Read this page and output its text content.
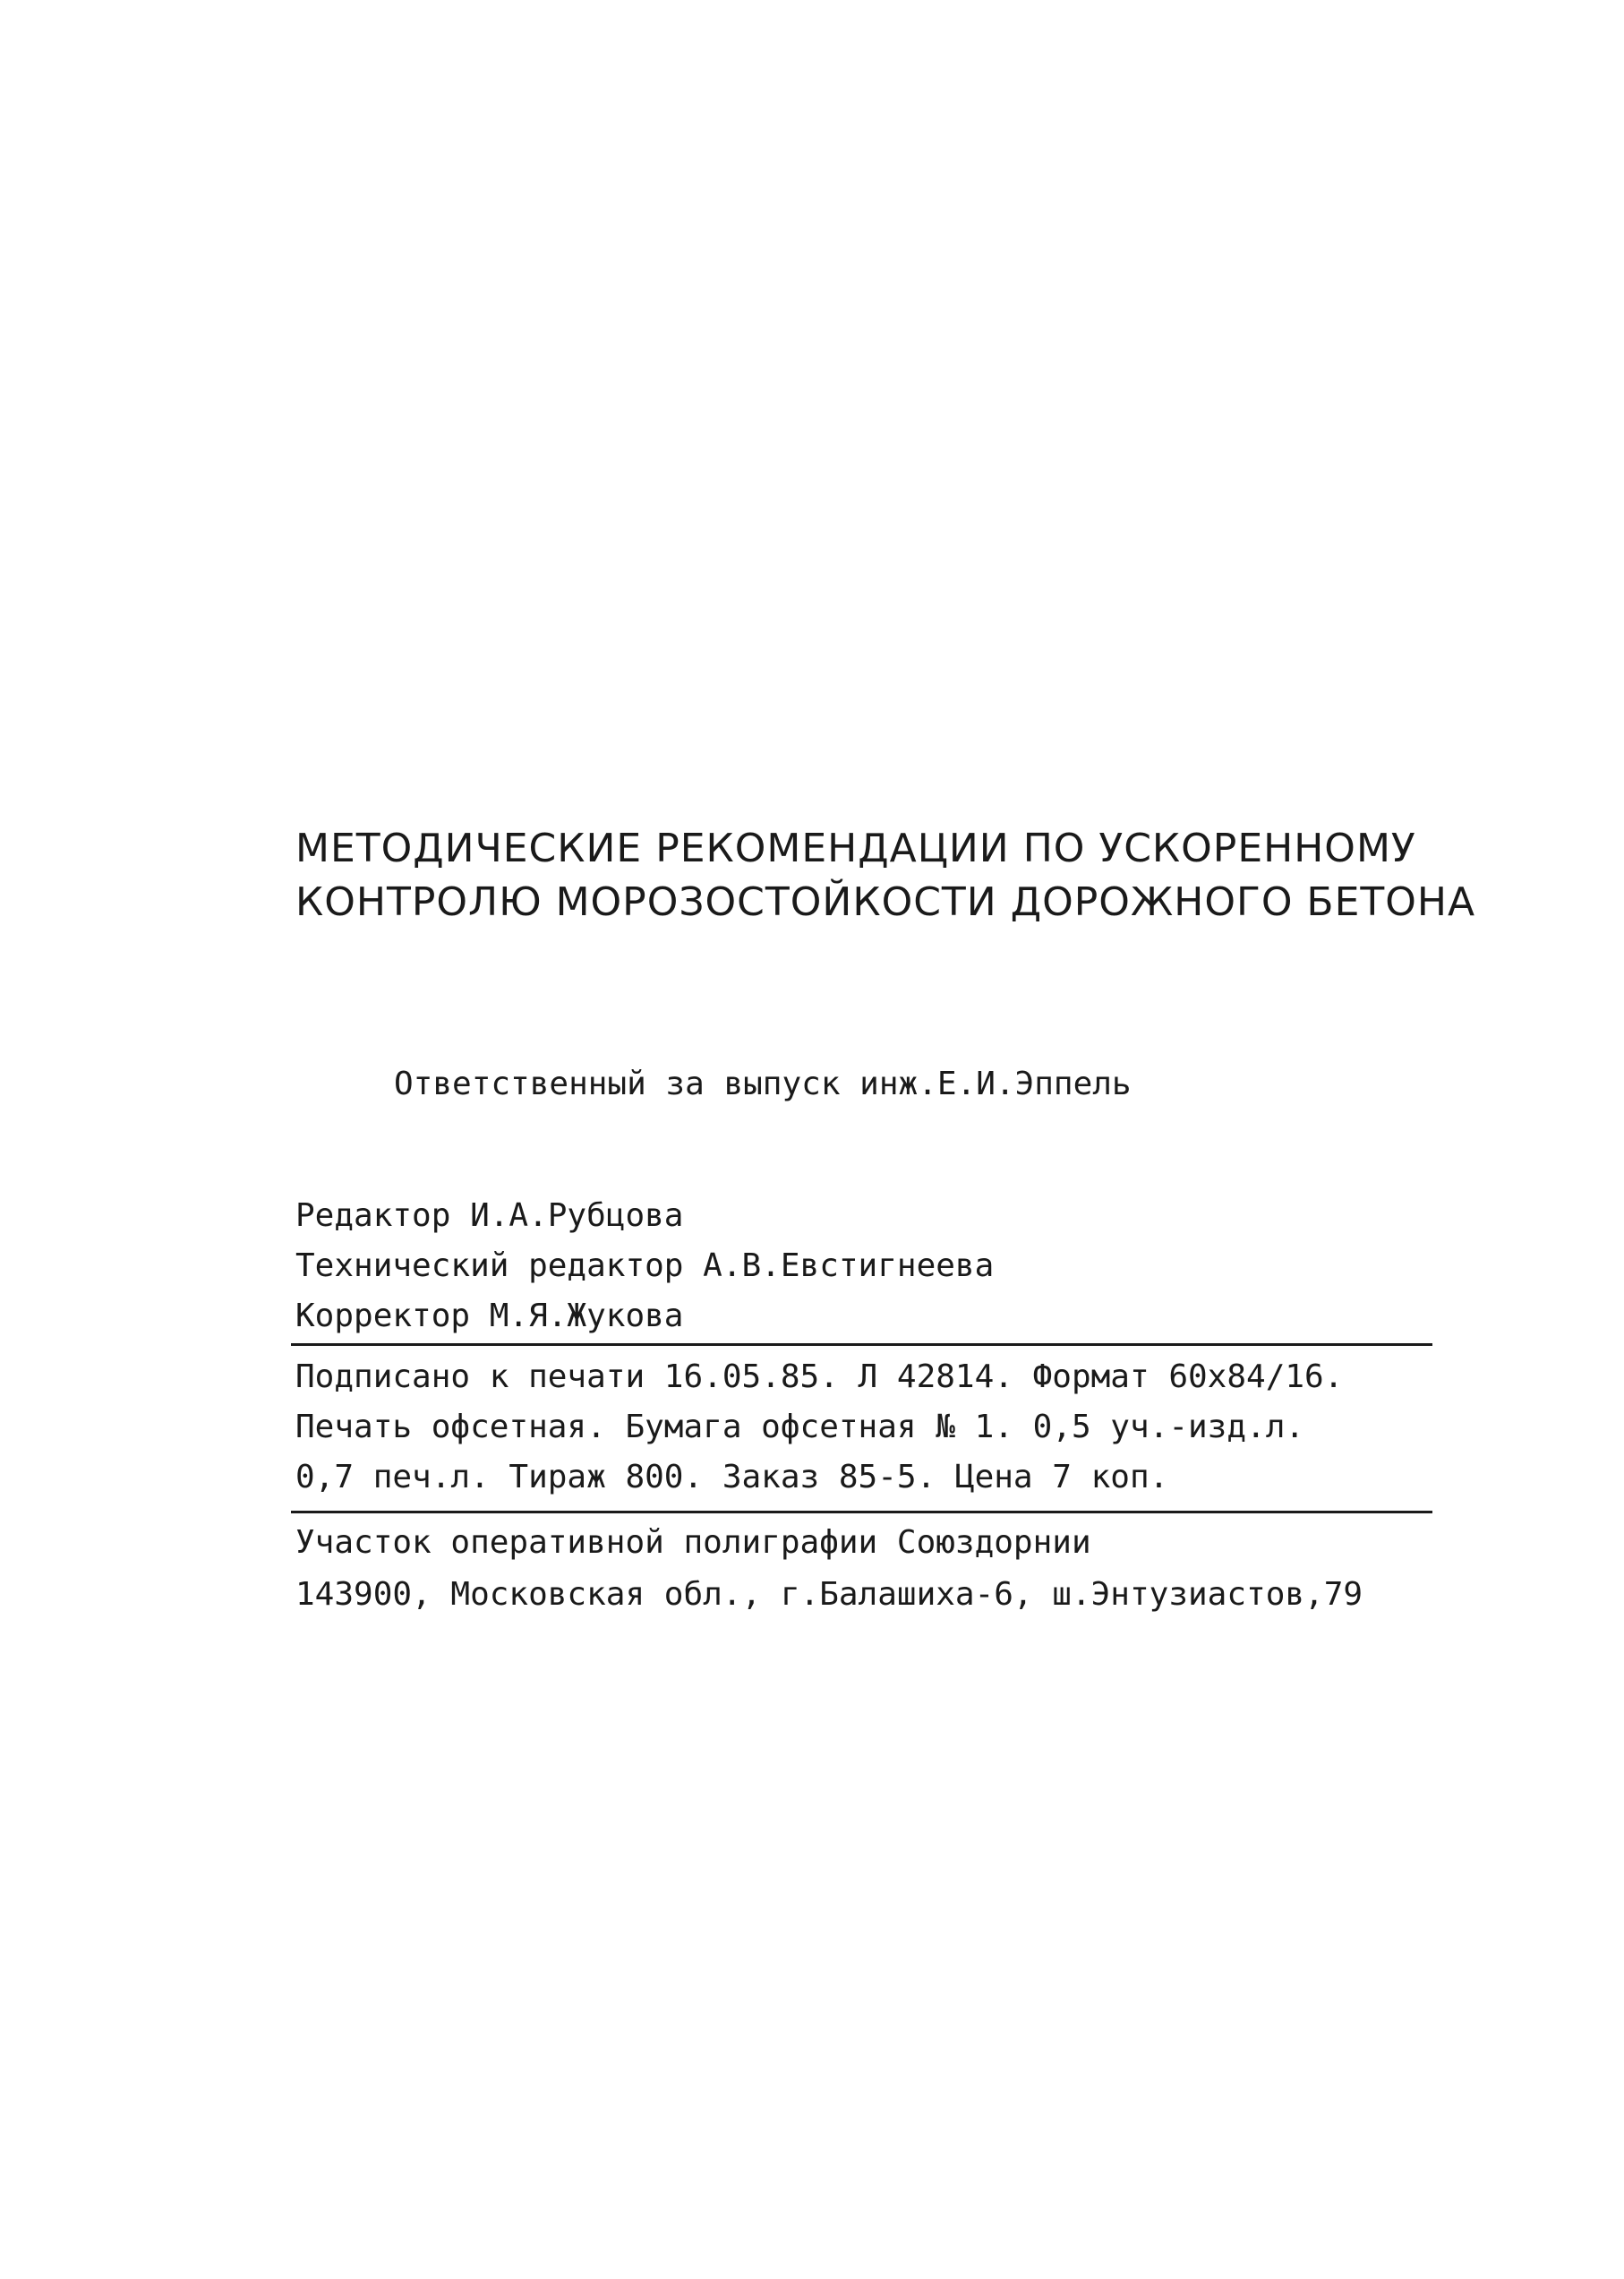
МЕТОДИЧЕСКИЕ РЕКОМЕНДАЦИИ ПО УСКОРЕННОМУ
КОНТРОЛЮ МОРОЗОСТОЙКОСТИ ДОРОЖНОГО БЕТОНА

Ответственный за выпуск инж.Е.И.Эппель

Редактор И.А.Рубцова
Технический редактор А.В.Евстигнеева
Корректор М.Я.Жукова

Подписано к печати 16.05.85. Л 42814. Формат 60х84/16.
Печать офсетная. Бумага офсетная № 1. 0,5 уч.-изд.л.
0,7 печ.л. Тираж 800. Заказ 85-5. Цена 7 коп.

Участок оперативной полиграфии Союздорнии
143900, Московская обл., г.Балашиха-6, ш.Энтузиастов,79
